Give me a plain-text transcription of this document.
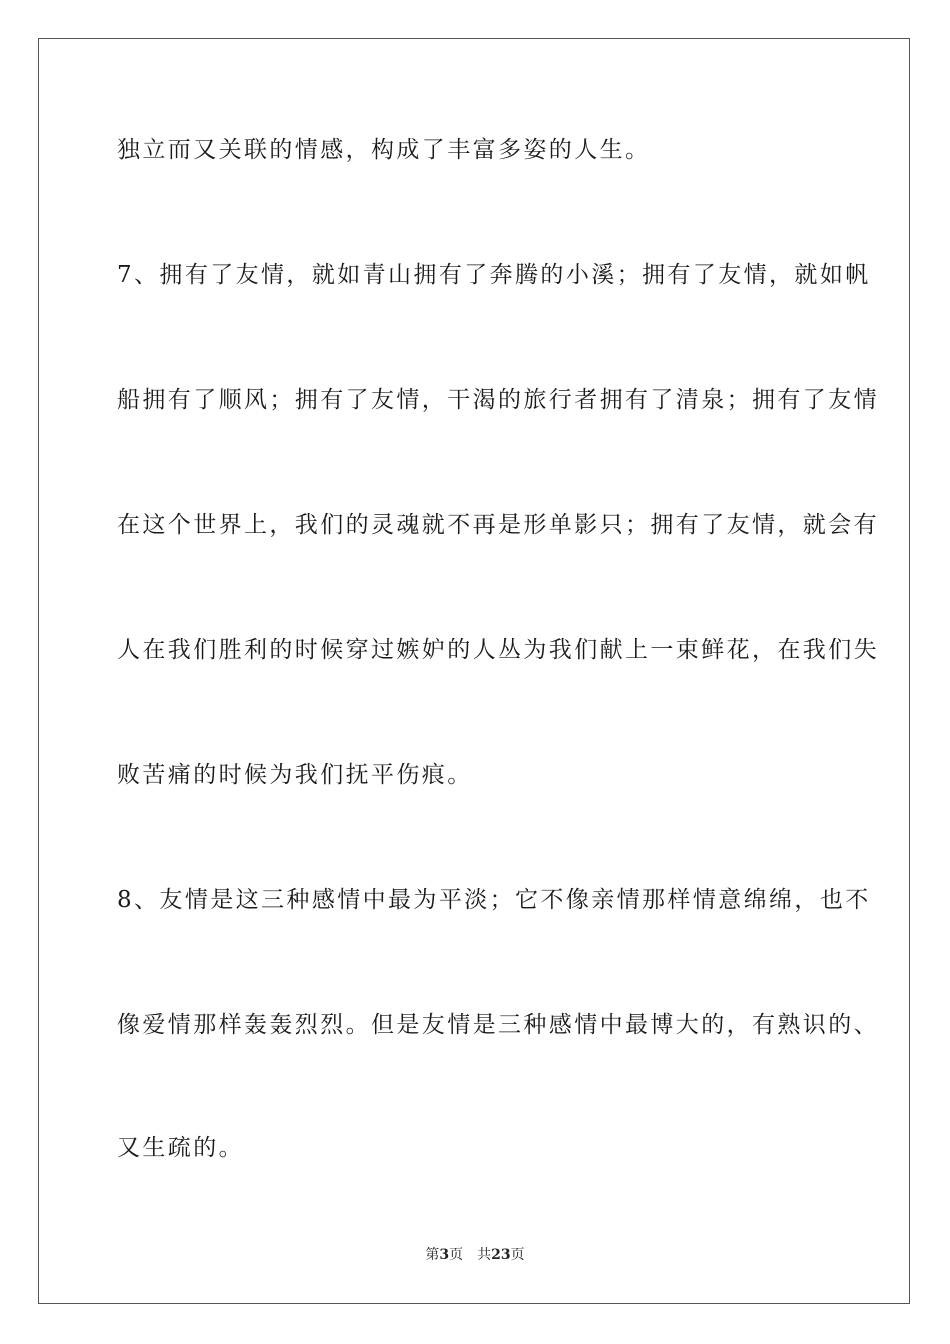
独立而又关联的情感，构成了丰富多姿的人生。
7、拥有了友情，就如青山拥有了奔腾的小溪；拥有了友情，就如帆
船拥有了顺风；拥有了友情，干渴的旅行者拥有了清泉；拥有了友情
在这个世界上，我们的灵魂就不再是形单影只；拥有了友情，就会有
人在我们胜利的时候穿过嫉妒的人丛为我们献上一束鲜花，在我们失
败苦痛的时候为我们抚平伤痕。
8、友情是这三种感情中最为平淡；它不像亲情那样情意绵绵，也不
像爱情那样轰轰烈烈。但是友情是三种感情中最博大的，有熟识的、
又生疏的。
第3页 共23页
